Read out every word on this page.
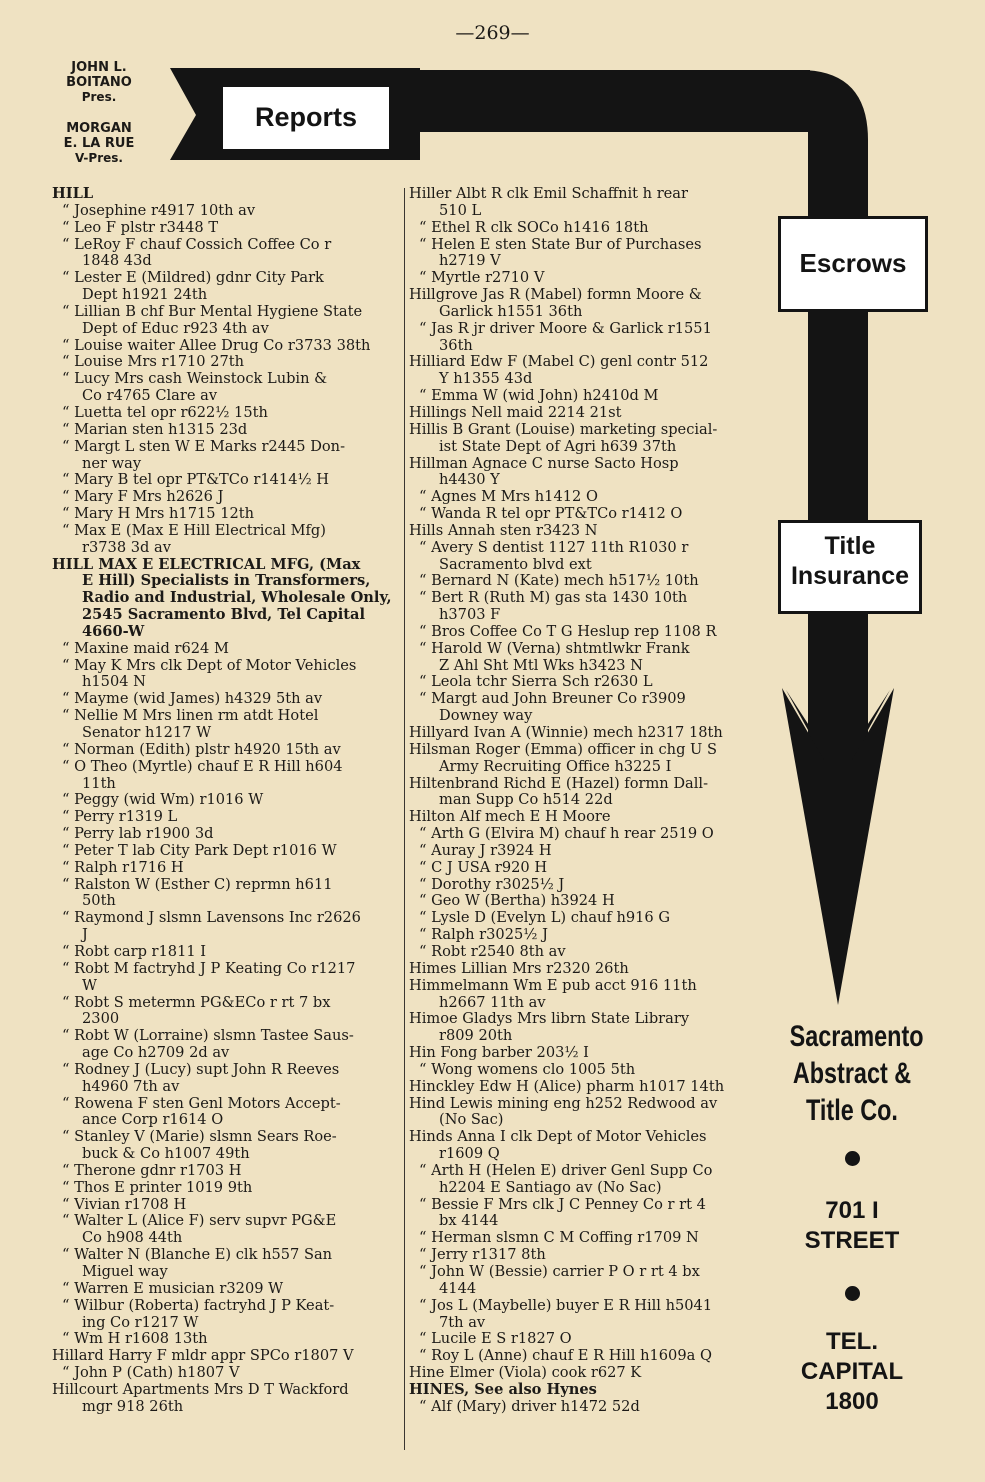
—269—
JOHN L.
BOITANO
Pres.
MORGAN
E. LA RUE
V-Pres.
Reports
Escrows
Title
Insurance
HILL
“ Josephine r4917 10th av
“ Leo F plstr r3448 T
“ LeRoy F chauf Cossich Coffee Co r
1848 43d
“ Lester E (Mildred) gdnr City Park
Dept h1921 24th
“ Lillian B chf Bur Mental Hygiene State
Dept of Educ r923 4th av
“ Louise waiter Allee Drug Co r3733 38th
“ Louise Mrs r1710 27th
“ Lucy Mrs cash Weinstock Lubin &
Co r4765 Clare av
“ Luetta tel opr r622½ 15th
“ Marian sten h1315 23d
“ Margt L sten W E Marks r2445 Don-
ner way
“ Mary B tel opr PT&TCo r1414½ H
“ Mary F Mrs h2626 J
“ Mary H Mrs h1715 12th
“ Max E (Max E Hill Electrical Mfg)
r3738 3d av
HILL MAX E ELECTRICAL MFG, (Max
E Hill) Specialists in Transformers,
Radio and Industrial, Wholesale Only,
2545 Sacramento Blvd, Tel Capital
4660-W
“ Maxine maid r624 M
“ May K Mrs clk Dept of Motor Vehicles
h1504 N
“ Mayme (wid James) h4329 5th av
“ Nellie M Mrs linen rm atdt Hotel
Senator h1217 W
“ Norman (Edith) plstr h4920 15th av
“ O Theo (Myrtle) chauf E R Hill h604
11th
“ Peggy (wid Wm) r1016 W
“ Perry r1319 L
“ Perry lab r1900 3d
“ Peter T lab City Park Dept r1016 W
“ Ralph r1716 H
“ Ralston W (Esther C) reprmn h611
50th
“ Raymond J slsmn Lavensons Inc r2626
J
“ Robt carp r1811 I
“ Robt M factryhd J P Keating Co r1217
W
“ Robt S metermn PG&ECo r rt 7 bx
2300
“ Robt W (Lorraine) slsmn Tastee Saus-
age Co h2709 2d av
“ Rodney J (Lucy) supt John R Reeves
h4960 7th av
“ Rowena F sten Genl Motors Accept-
ance Corp r1614 O
“ Stanley V (Marie) slsmn Sears Roe-
buck & Co h1007 49th
“ Therone gdnr r1703 H
“ Thos E printer 1019 9th
“ Vivian r1708 H
“ Walter L (Alice F) serv supvr PG&E
Co h908 44th
“ Walter N (Blanche E) clk h557 San
Miguel way
“ Warren E musician r3209 W
“ Wilbur (Roberta) factryhd J P Keat-
ing Co r1217 W
“ Wm H r1608 13th
Hillard Harry F mldr appr SPCo r1807 V
“ John P (Cath) h1807 V
Hillcourt Apartments Mrs D T Wackford
mgr 918 26th
Hiller Albt R clk Emil Schaffnit h rear
510 L
“ Ethel R clk SOCo h1416 18th
“ Helen E sten State Bur of Purchases
h2719 V
“ Myrtle r2710 V
Hillgrove Jas R (Mabel) formn Moore &
Garlick h1551 36th
“ Jas R jr driver Moore & Garlick r1551
36th
Hilliard Edw F (Mabel C) genl contr 512
Y h1355 43d
“ Emma W (wid John) h2410d M
Hillings Nell maid 2214 21st
Hillis B Grant (Louise) marketing special-
ist State Dept of Agri h639 37th
Hillman Agnace C nurse Sacto Hosp
h4430 Y
“ Agnes M Mrs h1412 O
“ Wanda R tel opr PT&TCo r1412 O
Hills Annah sten r3423 N
“ Avery S dentist 1127 11th R1030 r
Sacramento blvd ext
“ Bernard N (Kate) mech h517½ 10th
“ Bert R (Ruth M) gas sta 1430 10th
h3703 F
“ Bros Coffee Co T G Heslup rep 1108 R
“ Harold W (Verna) shtmtlwkr Frank
Z Ahl Sht Mtl Wks h3423 N
“ Leola tchr Sierra Sch r2630 L
“ Margt aud John Breuner Co r3909
Downey way
Hillyard Ivan A (Winnie) mech h2317 18th
Hilsman Roger (Emma) officer in chg U S
Army Recruiting Office h3225 I
Hiltenbrand Richd E (Hazel) formn Dall-
man Supp Co h514 22d
Hilton Alf mech E H Moore
“ Arth G (Elvira M) chauf h rear 2519 O
“ Auray J r3924 H
“ C J USA r920 H
“ Dorothy r3025½ J
“ Geo W (Bertha) h3924 H
“ Lysle D (Evelyn L) chauf h916 G
“ Ralph r3025½ J
“ Robt r2540 8th av
Himes Lillian Mrs r2320 26th
Himmelmann Wm E pub acct 916 11th
h2667 11th av
Himoe Gladys Mrs librn State Library
r809 20th
Hin Fong barber 203½ I
“ Wong womens clo 1005 5th
Hinckley Edw H (Alice) pharm h1017 14th
Hind Lewis mining eng h252 Redwood av
(No Sac)
Hinds Anna I clk Dept of Motor Vehicles
r1609 Q
“ Arth H (Helen E) driver Genl Supp Co
h2204 E Santiago av (No Sac)
“ Bessie F Mrs clk J C Penney Co r rt 4
bx 4144
“ Herman slsmn C M Coffing r1709 N
“ Jerry r1317 8th
“ John W (Bessie) carrier P O r rt 4 bx
4144
“ Jos L (Maybelle) buyer E R Hill h5041
7th av
“ Lucile E S r1827 O
“ Roy L (Anne) chauf E R Hill h1609a Q
Hine Elmer (Viola) cook r627 K
HINES, See also Hynes
“ Alf (Mary) driver h1472 52d
Sacramento
Abstract &
Title Co.
701 I
STREET
TEL.
CAPITAL
1800
